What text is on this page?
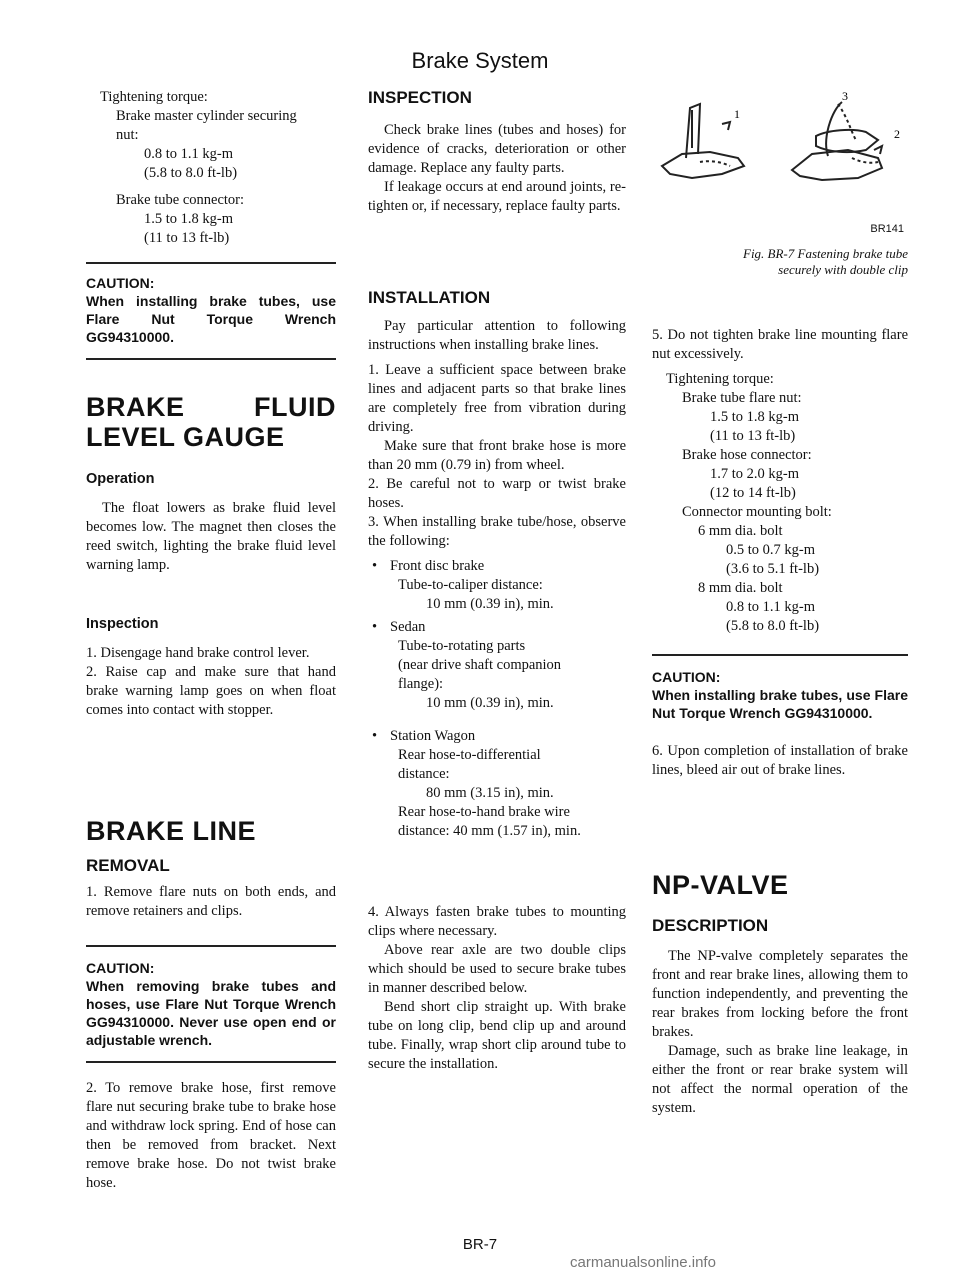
Brake System

Tightening torque:

Brake master cylinder securing

nut:

0.8 to 1.1 kg-m

(5.8 to 8.0 ft-lb)

Brake tube connector:

1.5 to 1.8 kg-m

(11 to 13 ft-lb)

CAUTION:

When installing brake tubes, use Flare Nut Torque Wrench GG94310000.

BRAKE FLUID LEVEL GAUGE

Operation

The float lowers as brake fluid level becomes low. The magnet then closes the reed switch, lighting the brake fluid level warning lamp.

Inspection

1. Disengage hand brake control lever.

2. Raise cap and make sure that hand brake warning lamp goes on when float comes into contact with stopper.

BRAKE LINE

REMOVAL

1. Remove flare nuts on both ends, and remove retainers and clips.

CAUTION:

When removing brake tubes and hoses, use Flare Nut Torque Wrench GG94310000. Never use open end or adjustable wrench.

2. To remove brake hose, first remove flare nut securing brake tube to brake hose and withdraw lock spring. End of hose can then be removed from bracket. Next remove brake hose. Do not twist brake hose.

INSPECTION

Check brake lines (tubes and hoses) for evidence of cracks, deterioration or other damage. Replace any faulty parts.

If leakage occurs at end around joints, re-tighten or, if necessary, replace faulty parts.

INSTALLATION

Pay particular attention to following instructions when installing brake lines.

1. Leave a sufficient space between brake lines and adjacent parts so that brake lines are completely free from vibration during driving.

Make sure that front brake hose is more than 20 mm (0.79 in) from wheel.

2. Be careful not to warp or twist brake hoses.

3. When installing brake tube/hose, observe the following:

• Front disc brake

Tube-to-caliper distance:

10 mm (0.39 in), min.

• Sedan

Tube-to-rotating parts

(near drive shaft companion

flange):

10 mm (0.39 in), min.

• Station Wagon

Rear hose-to-differential

distance:

80 mm (3.15 in), min.

Rear hose-to-hand brake wire

distance: 40 mm (1.57 in), min.

4. Always fasten brake tubes to mounting clips where necessary.

Above rear axle are two double clips which should be used to secure brake tubes in manner described below.

Bend short clip straight up. With brake tube on long clip, bend clip up and around tube. Finally, wrap short clip around tube to secure the installation.

1
3
2
BR141

Fig. BR-7 Fastening brake tube

securely with double clip

5. Do not tighten brake line mounting flare nut excessively.

Tightening torque:

Brake tube flare nut:

1.5 to 1.8 kg-m

(11 to 13 ft-lb)

Brake hose connector:

1.7 to 2.0 kg-m

(12 to 14 ft-lb)

Connector mounting bolt:

6 mm dia. bolt

0.5 to 0.7 kg-m

(3.6 to 5.1 ft-lb)

8 mm dia. bolt

0.8 to 1.1 kg-m

(5.8 to 8.0 ft-lb)

CAUTION:

When installing brake tubes, use Flare Nut Torque Wrench GG94310000.

6. Upon completion of installation of brake lines, bleed air out of brake lines.

NP-VALVE

DESCRIPTION

The NP-valve completely separates the front and rear brake lines, allowing them to function independently, and preventing the rear brakes from locking before the front brakes.

Damage, such as brake line leakage, in either the front or rear brake system will not affect the normal operation of the system.

BR-7
carmanualsonline.info
